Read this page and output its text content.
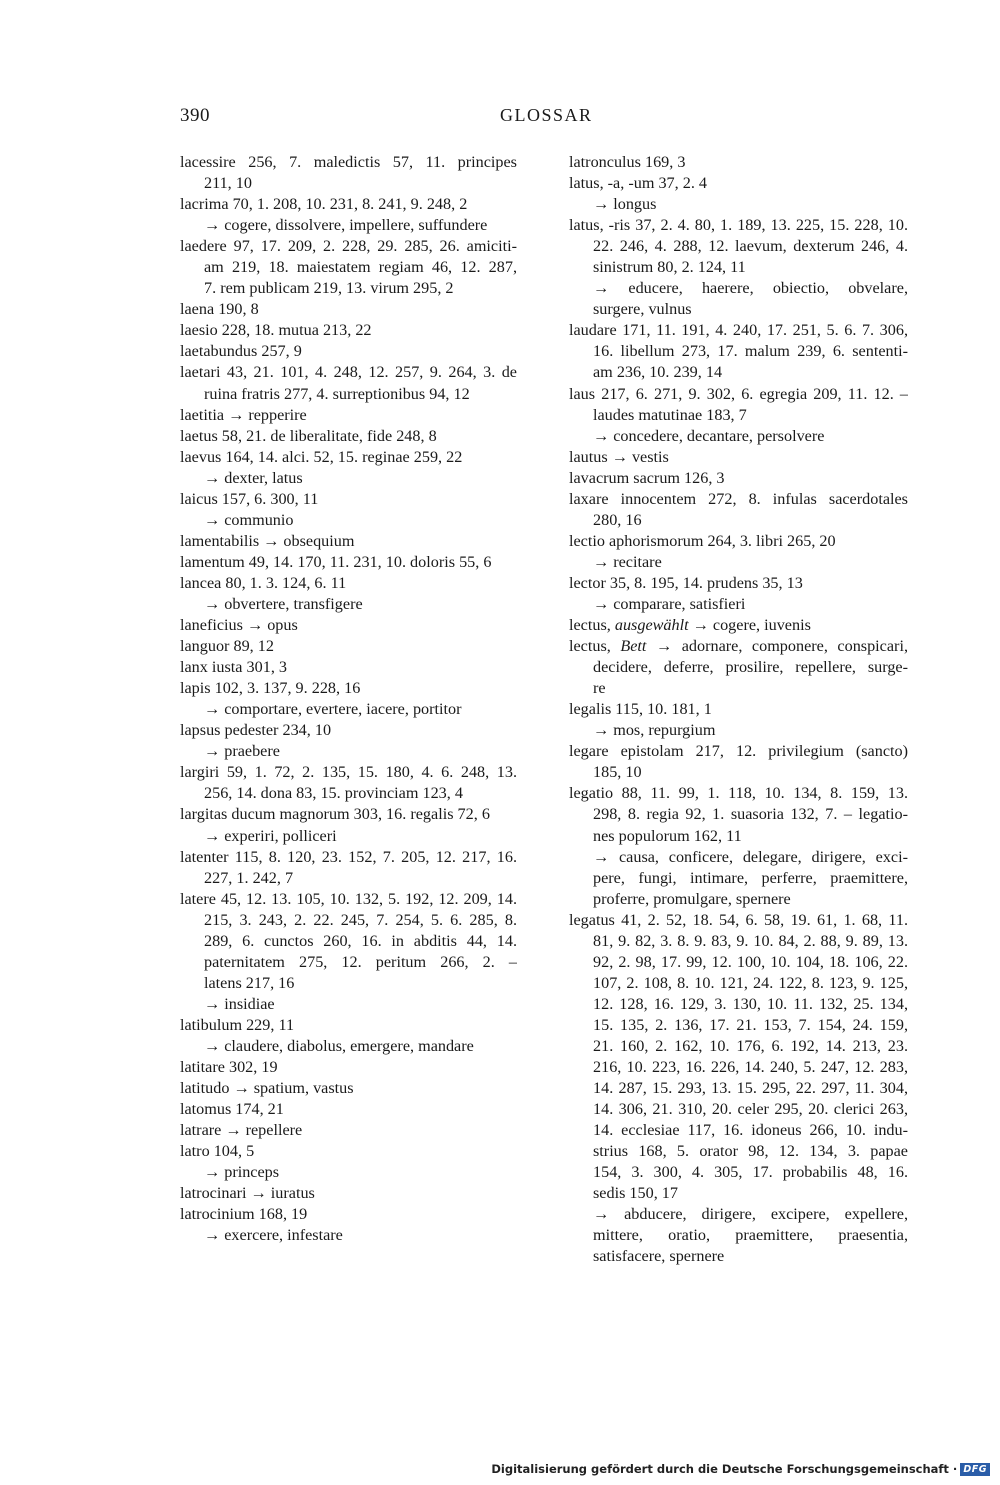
390	GLOSSAR
lacessire 256, 7. maledictis 57, 11. principes
211, 10
lacrima 70, 1. 208, 10. 231, 8. 241, 9. 248, 2
→ cogere, dissolvere, impellere, suffundere
laedere 97, 17. 209, 2. 228, 29. 285, 26. amiciti-
am 219, 18. maiestatem regiam 46, 12. 287,
7. rem publicam 219, 13. virum 295, 2
laena 190, 8
laesio 228, 18. mutua 213, 22
laetabundus 257, 9
laetari 43, 21. 101, 4. 248, 12. 257, 9. 264, 3. de
ruina fratris 277, 4. surreptionibus 94, 12
laetitia → repperire
laetus 58, 21. de liberalitate, fide 248, 8
laevus 164, 14. alci. 52, 15. reginae 259, 22
→ dexter, latus
laicus 157, 6. 300, 11
→ communio
lamentabilis → obsequium
lamentum 49, 14. 170, 11. 231, 10. doloris 55, 6
lancea 80, 1. 3. 124, 6. 11
→ obvertere, transfigere
laneficius → opus
languor 89, 12
lanx iusta 301, 3
lapis 102, 3. 137, 9. 228, 16
→ comportare, evertere, iacere, portitor
lapsus pedester 234, 10
→ praebere
largiri 59, 1. 72, 2. 135, 15. 180, 4. 6. 248, 13.
256, 14. dona 83, 15. provinciam 123, 4
largitas ducum magnorum 303, 16. regalis 72, 6
→ experiri, polliceri
latenter 115, 8. 120, 23. 152, 7. 205, 12. 217, 16.
227, 1. 242, 7
latere 45, 12. 13. 105, 10. 132, 5. 192, 12. 209, 14.
215, 3. 243, 2. 22. 245, 7. 254, 5. 6. 285, 8.
289, 6. cunctos 260, 16. in abditis 44, 14.
paternitatem 275, 12. peritum 266, 2. –
latens 217, 16
→ insidiae
latibulum 229, 11
→ claudere, diabolus, emergere, mandare
latitare 302, 19
latitudo → spatium, vastus
latomus 174, 21
latrare → repellere
latro 104, 5
→ princeps
latrocinari → iuratus
latrocinium 168, 19
→ exercere, infestare
latronculus 169, 3
latus, -a, -um 37, 2. 4
→ longus
latus, -ris 37, 2. 4. 80, 1. 189, 13. 225, 15. 228, 10.
22. 246, 4. 288, 12. laevum, dexterum 246, 4.
sinistrum 80, 2. 124, 11
→ educere, haerere, obiectio, obvelare,
surgere, vulnus
laudare 171, 11. 191, 4. 240, 17. 251, 5. 6. 7. 306,
16. libellum 273, 17. malum 239, 6. sententi-
am 236, 10. 239, 14
laus 217, 6. 271, 9. 302, 6. egregia 209, 11. 12. –
laudes matutinae 183, 7
→ concedere, decantare, persolvere
lautus → vestis
lavacrum sacrum 126, 3
laxare innocentem 272, 8. infulas sacerdotales
280, 16
lectio aphorismorum 264, 3. libri 265, 20
→ recitare
lector 35, 8. 195, 14. prudens 35, 13
→ comparare, satisfieri
lectus, ausgewählt → cogere, iuvenis
lectus, Bett → adornare, componere, conspicari,
decidere, deferre, prosilire, repellere, surge-
re
legalis 115, 10. 181, 1
→ mos, repurgium
legare epistolam 217, 12. privilegium (sancto)
185, 10
legatio 88, 11. 99, 1. 118, 10. 134, 8. 159, 13.
298, 8. regia 92, 1. suasoria 132, 7. – legatio-
nes populorum 162, 11
→ causa, conficere, delegare, dirigere, exci-
pere, fungi, intimare, perferre, praemittere,
proferre, promulgare, spernere
legatus 41, 2. 52, 18. 54, 6. 58, 19. 61, 1. 68, 11.
81, 9. 82, 3. 8. 9. 83, 9. 10. 84, 2. 88, 9. 89, 13.
92, 2. 98, 17. 99, 12. 100, 10. 104, 18. 106, 22.
107, 2. 108, 8. 10. 121, 24. 122, 8. 123, 9. 125,
12. 128, 16. 129, 3. 130, 10. 11. 132, 25. 134,
15. 135, 2. 136, 17. 21. 153, 7. 154, 24. 159,
21. 160, 2. 162, 10. 176, 6. 192, 14. 213, 23.
216, 10. 223, 16. 226, 14. 240, 5. 247, 12. 283,
14. 287, 15. 293, 13. 15. 295, 22. 297, 11. 304,
14. 306, 21. 310, 20. celer 295, 20. clerici 263,
14. ecclesiae 117, 16. idoneus 266, 10. indu-
strius 168, 5. orator 98, 12. 134, 3. papae
154, 3. 300, 4. 305, 17. probabilis 48, 16.
sedis 150, 17
→ abducere, dirigere, excipere, expellere,
mittere, oratio, praemittere, praesentia,
satisfacere, spernere
Digitalisierung gefördert durch die Deutsche Forschungsgemeinschaft · DFG
